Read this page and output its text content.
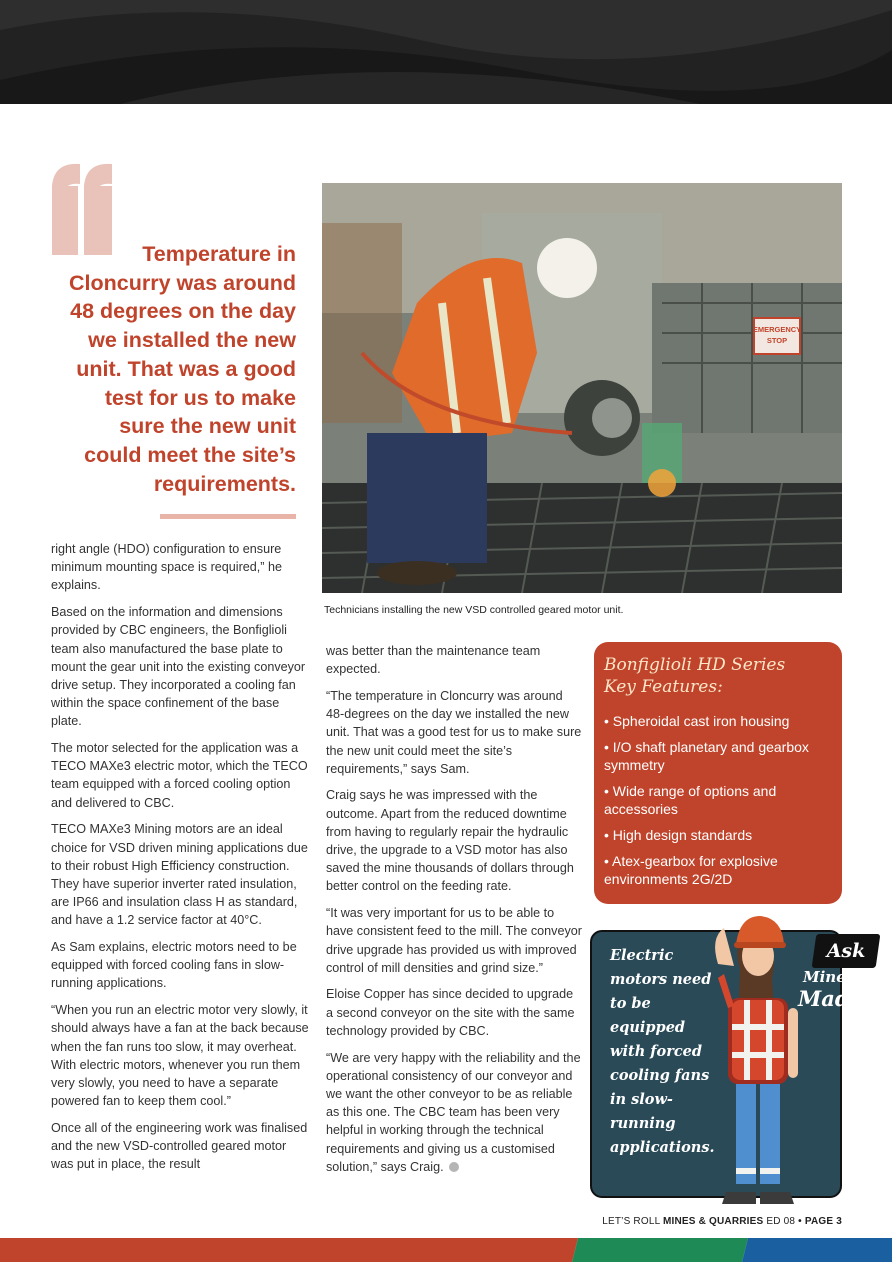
Temperature in Cloncurry was around 48 degrees on the day we installed the new unit. That was a good test for us to make sure the new unit could meet the site’s requirements.
EMERGENCY
STOP
Technicians installing the new VSD controlled geared motor unit.

right angle (HDO) configuration to ensure minimum mounting space is required,” he explains.

Based on the information and dimensions provided by CBC engineers, the Bonfiglioli team also manufactured the base plate to mount the gear unit into the existing conveyor drive setup. They incorporated a cooling fan within the space confinement of the base plate.

The motor selected for the application was a TECO MAXe3 electric motor, which the TECO team equipped with a forced cooling option and delivered to CBC.

TECO MAXe3 Mining motors are an ideal choice for VSD driven mining applications due to their robust High Efficiency construction. They have superior inverter rated insulation, are IP66 and insulation class H as standard, and have a 1.2 service factor at 40°C.

As Sam explains, electric motors need to be equipped with forced cooling fans in slow-running applications.

“When you run an electric motor very slowly, it should always have a fan at the back because when the fan runs too slow, it may overheat. With electric motors, whenever you run them very slowly, you need to have a separate powered fan to keep them cool.”

Once all of the engineering work was finalised and the new VSD-controlled geared motor was put in place, the result

was better than the maintenance team expected.

“The temperature in Cloncurry was around 48-degrees on the day we installed the new unit. That was a good test for us to make sure the new unit could meet the site’s requirements,” says Sam.

Craig says he was impressed with the outcome. Apart from the reduced downtime from having to regularly repair the hydraulic drive, the upgrade to a VSD motor has also saved the mine thousands of dollars through better control on the feeding rate.

“It was very important for us to be able to have consistent feed to the mill. The conveyor drive upgrade has provided us with improved control of mill densities and grind size.”

Eloise Copper has since decided to upgrade a second conveyor on the site with the same technology provided by CBC.

“We are very happy with the reliability and the operational consistency of our conveyor and we want the other conveyor to be as reliable as this one. The CBC team has been very helpful in working through the technical requirements and giving us a customised solution,” says Craig.

Bonfiglioli HD Series
Key Features:
• Spheroidal cast iron housing
• I/O shaft planetary and gearbox symmetry
• Wide range of options and accessories
• High design standards
• Atex-gearbox for explosive environments 2G/2D
Electric motors need to be equipped with forced cooling fans in slow-running applications.
Ask
Miner
Maddie
LET’S ROLL MINES & QUARRIES ED 08 • PAGE 3
